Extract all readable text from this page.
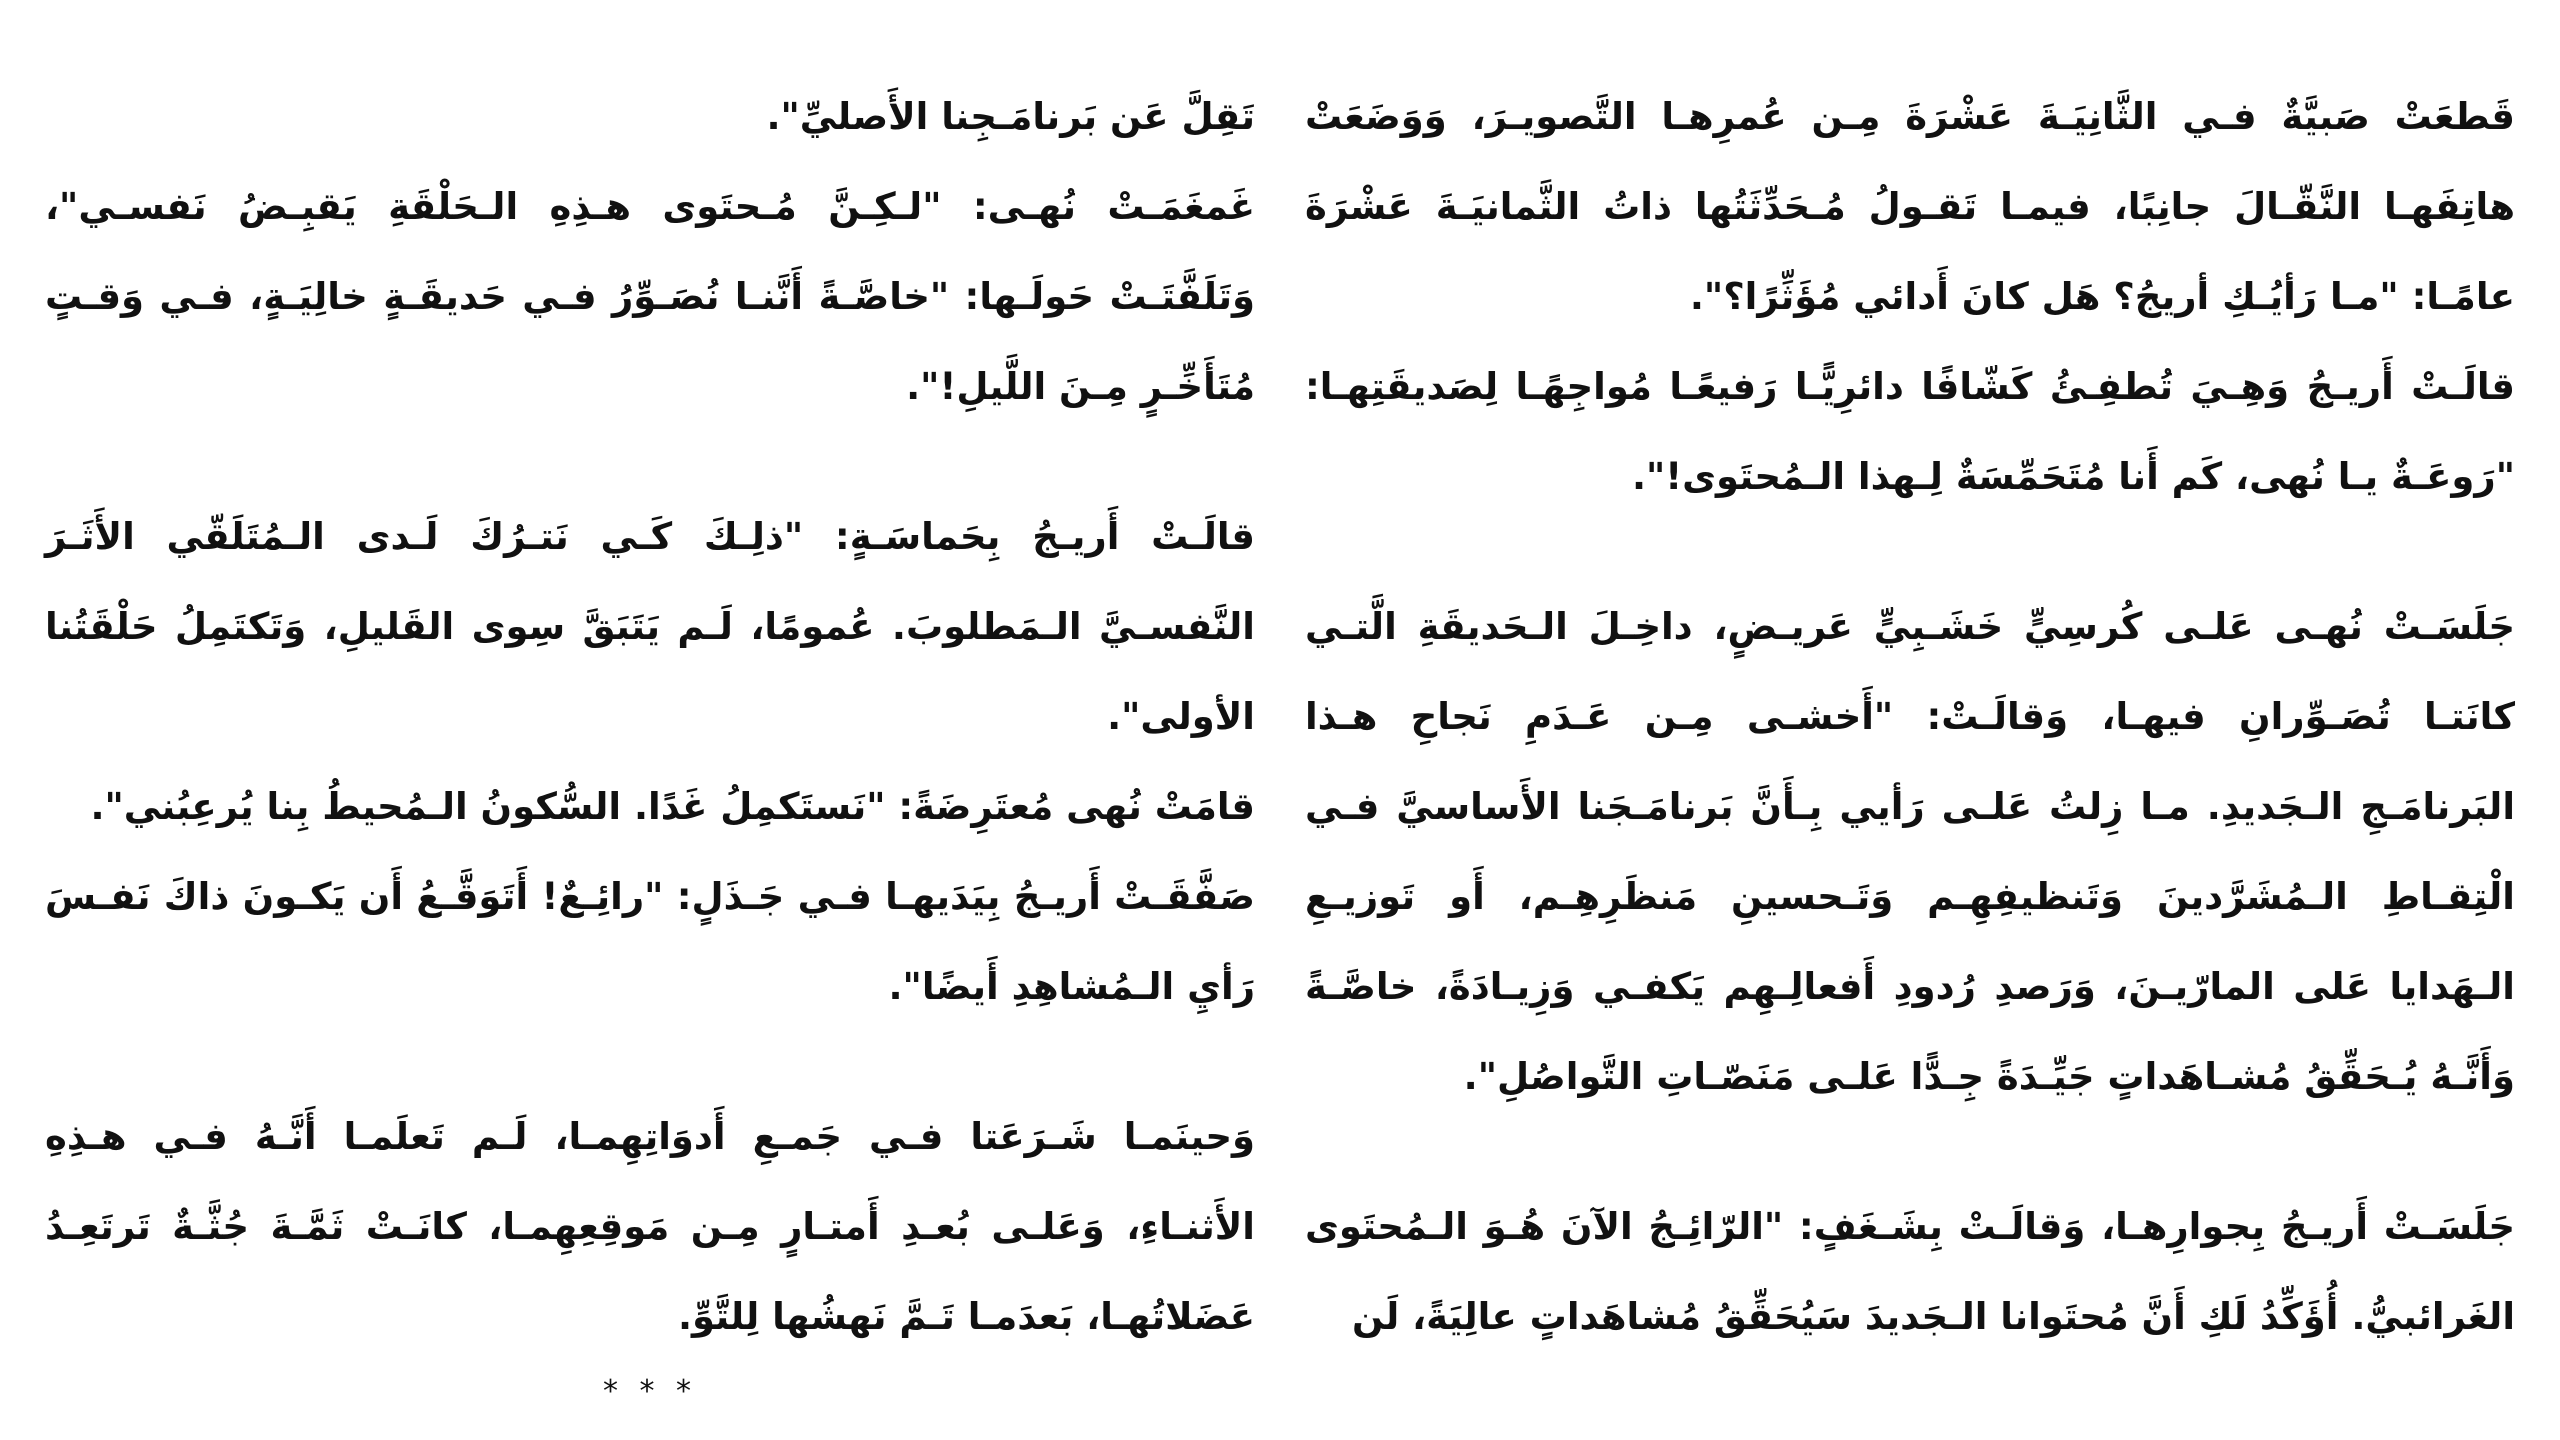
قَطعَتْ صَبيَّةٌ فـي الثَّانِيَـةَ عَشْرَةَ مِـن عُمرِهـا التَّصويـرَ، وَوَضَعَتْ هاتِفَهـا النَّقّـالَ جانِبًا، فيمـا تَقـولُ مُـحَدِّثَتُها ذاتُ الثَّمانيَـةَ عَشْرَةَ عامًـا: "مـا رَأيُـكِ أريجُ؟ هَل كانَ أَدائي مُؤَثِّرًا؟".

قالَـتْ أَريـجُ وَهِـيَ تُطفِـئُ كَشّافًا دائرِيًّـا رَفيعًـا مُواجِهًـا لِصَديقَتِهـا: "رَوعَـةٌ يـا نُهى، كَم أَنا مُتَحَمِّسَةٌ لِـهذا الـمُحتَوى!".

جَلَسَـتْ نُهـى عَلـى كُرسِيٍّ خَشَـبِيٍّ عَريـضٍ، داخِـلَ الـحَديقَةِ الَّتـي كانَتـا تُصَـوِّرانِ فيهـا، وَقالَـتْ: "أَخشـى مِـن عَـدَمِ نَجاحِ هـذا البَرنامَـجِ الـجَديدِ. مـا زِلتُ عَلـى رَأيي بِـأَنَّ بَرنامَـجَنا الأَساسيَّ فـي الْتِقـاطِ الـمُشَرَّدينَ وَتَنظيفِهِـم وَتَـحسينِ مَنظَرِهِـم، أَو تَوزيـعِ الـهَدايا عَلى المارّيـنَ، وَرَصدِ رُدودِ أَفعالِـهِم يَكفـي وَزِيـادَةً، خاصَّـةً وَأَنَّـهُ يُـحَقِّقُ مُشـاهَداتٍ جَيِّـدَةً جِـدًّا عَلـى مَنَصّـاتِ التَّواصُلِ".

جَلَسَـتْ أَريـجُ بِجوارِهـا، وَقالَـتْ بِشَـغَفٍ: "الرّائِـجُ الآنَ هُـوَ الـمُحتَوى الغَرائبيُّ. أُؤَكِّدُ لَكِ أَنَّ مُحتَوانا الـجَديدَ سَيُحَقِّقُ مُشاهَداتٍ عالِيَةً، لَن

تَقِلَّ عَن بَرنامَـجِنا الأَصليِّ".

غَمغَمَـتْ نُهـى: "لـكِـنَّ مُـحتَوى هـذِهِ الـحَلْقَةِ يَقبِـضُ نَفسـي"، وَتَلَفَّتَـتْ حَولَـها: "خاصَّـةً أَنَّنـا نُصَـوِّرُ فـي حَديقَـةٍ خالِيَـةٍ، فـي وَقـتٍ مُتَأَخِّـرٍ مِـنَ اللَّيلِ!".

قالَـتْ أَريـجُ بِحَماسَـةٍ: "ذلِـكَ كَـي نَتـرُكَ لَـدى الـمُتَلَقّي الأَثَـرَ النَّفسـيَّ الـمَطلوبَ. عُمومًا، لَـم يَتَبَقَّ سِوى القَليلِ، وَتَكتَمِلُ حَلْقَتُنا الأولى".

قامَتْ نُهى مُعتَرِضَةً: "نَستَكمِلُ غَدًا. السُّكونُ الـمُحيطُ بِنا يُرعِبُني".

صَفَّقَـتْ أَريـجُ بِيَدَيهـا فـي جَـذَلٍ: "رائِـعٌ! أَتَوَقَّـعُ أَن يَكـونَ ذاكَ نَفـسَ رَأيِ الـمُشاهِدِ أَيضًا".

وَحينَمـا شَـرَعَتا فـي جَمـعِ أَدوَاتِهِمـا، لَـم تَعلَمـا أَنَّـهُ فـي هـذِهِ الأَثنـاءِ، وَعَلـى بُعـدِ أَمتـارٍ مِـن مَوقِعِهِمـا، كانَـتْ ثَمَّـةَ جُثَّـةٌ تَرتَعِـدُ عَضَلاتُهـا، بَعدَمـا تَـمَّ نَهشُها لِلتَّوِّ.

* * *
